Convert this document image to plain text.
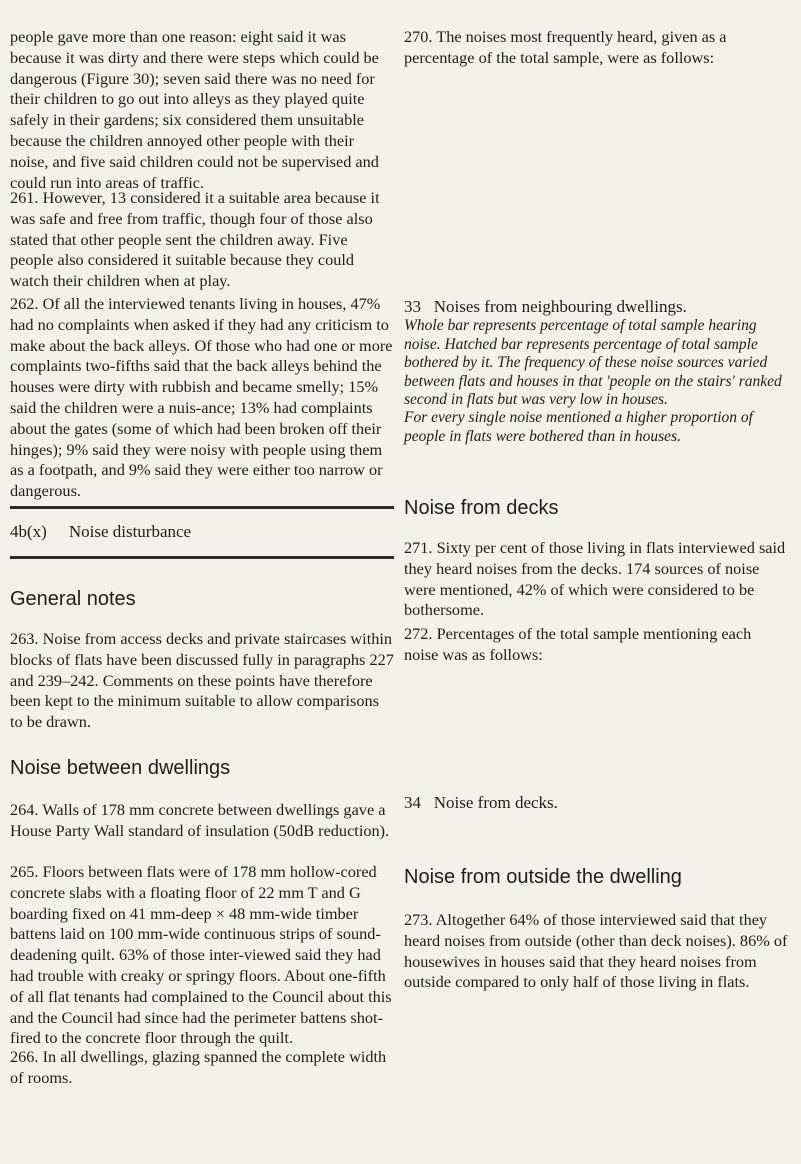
people gave more than one reason: eight said it was because it was dirty and there were steps which could be dangerous (Figure 30); seven said there was no need for their children to go out into alleys as they played quite safely in their gardens; six considered them unsuitable because the children annoyed other people with their noise, and five said children could not be supervised and could run into areas of traffic.

261. However, 13 considered it a suitable area because it was safe and free from traffic, though four of those also stated that other people sent the children away. Five people also considered it suitable because they could watch their children when at play.

262. Of all the interviewed tenants living in houses, 47% had no complaints when asked if they had any criticism to make about the back alleys. Of those who had one or more complaints two-fifths said that the back alleys behind the houses were dirty with rubbish and became smelly; 15% said the children were a nuis-ance; 13% had complaints about the gates (some of which had been broken off their hinges); 9% said they were noisy with people using them as a footpath, and 9% said they were either too narrow or dangerous.

4b(x) Noise disturbance

General notes

263. Noise from access decks and private staircases within blocks of flats have been discussed fully in paragraphs 227 and 239–242. Comments on these points have therefore been kept to the minimum suitable to allow comparisons to be drawn.

Noise between dwellings

264. Walls of 178 mm concrete between dwellings gave a House Party Wall standard of insulation (50dB reduction).

265. Floors between flats were of 178 mm hollow-cored concrete slabs with a floating floor of 22 mm T and G boarding fixed on 41 mm-deep × 48 mm-wide timber battens laid on 100 mm-wide continuous strips of sound-deadening quilt. 63% of those inter-viewed said they had had trouble with creaky or springy floors. About one-fifth of all flat tenants had complained to the Council about this and the Council had since had the perimeter battens shot-fired to the concrete floor through the quilt.

266. In all dwellings, glazing spanned the complete width of rooms.

270. The noises most frequently heard, given as a percentage of the total sample, were as follows:

33 Noises from neighbouring dwellings.
Whole bar represents percentage of total sample hearing noise. Hatched bar represents percentage of total sample bothered by it. The frequency of these noise sources varied between flats and houses in that 'people on the stairs' ranked second in flats but was very low in houses.
For every single noise mentioned a higher proportion of people in flats were bothered than in houses.

Noise from decks

271. Sixty per cent of those living in flats interviewed said they heard noises from the decks. 174 sources of noise were mentioned, 42% of which were considered to be bothersome.

272. Percentages of the total sample mentioning each noise was as follows:

34 Noise from decks.

Noise from outside the dwelling

273. Altogether 64% of those interviewed said that they heard noises from outside (other than deck noises). 86% of housewives in houses said that they heard noises from outside compared to only half of those living in flats.
